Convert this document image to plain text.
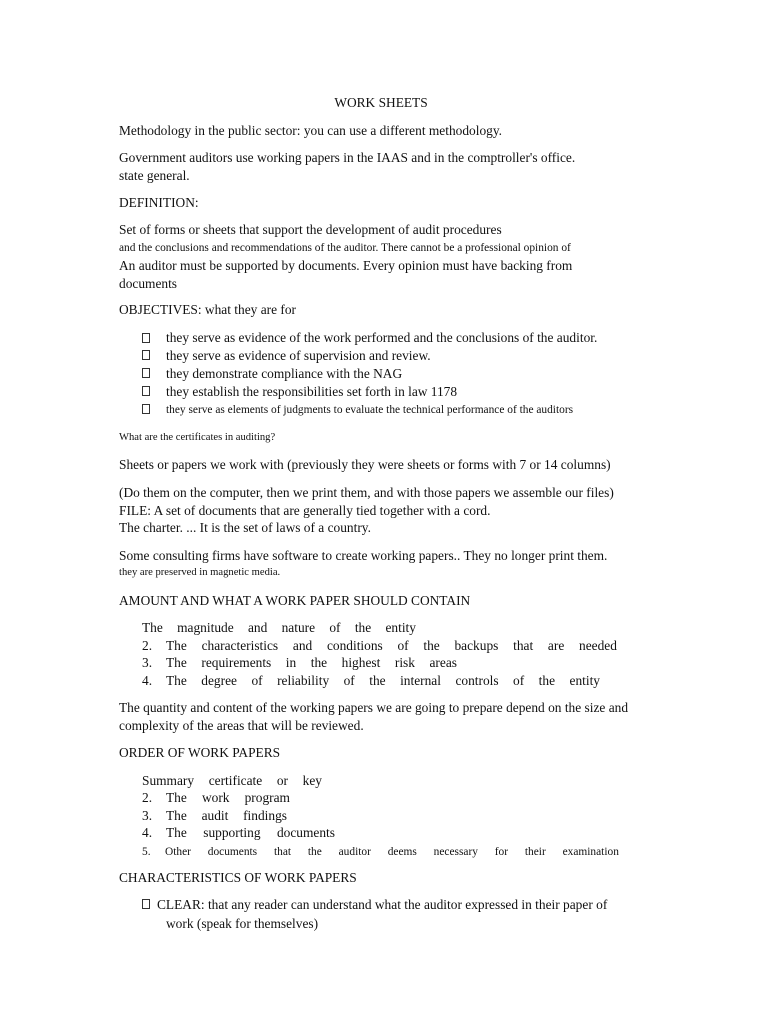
WORK SHEETS
Methodology in the public sector: you can use a different methodology.
Government auditors use working papers in the IAAS and in the comptroller's office.
state general.
DEFINITION:
Set of forms or sheets that support the development of audit procedures
and the conclusions and recommendations of the auditor. There cannot be a professional opinion of
An auditor must be supported by documents. Every opinion must have backing from
documents
OBJECTIVES: what they are for
they serve as evidence of the work performed and the conclusions of the auditor.
they serve as evidence of supervision and review.
they demonstrate compliance with the NAG
they establish the responsibilities set forth in law 1178
they serve as elements of judgments to evaluate the technical performance of the auditors
What are the certificates in auditing?
Sheets or papers we work with (previously they were sheets or forms with 7 or 14 columns)
(Do them on the computer, then we print them, and with those papers we assemble our files)
FILE: A set of documents that are generally tied together with a cord.
The charter. ... It is the set of laws of a country.
Some consulting firms have software to create working papers.. They no longer print them.
they are preserved in magnetic media.
AMOUNT AND WHAT A WORK PAPER SHOULD CONTAIN
The magnitude and nature of the entity
2. The characteristics and conditions of the backups that are needed
3. The requirements in the highest risk areas
4. The degree of reliability of the internal controls of the entity
The quantity and content of the working papers we are going to prepare depend on the size and
complexity of the areas that will be reviewed.
ORDER OF WORK PAPERS
Summary certificate or key
2. The work program
3. The audit findings
4. The supporting documents
5. Other documents that the auditor deems necessary for their examination
CHARACTERISTICS OF WORK PAPERS
CLEAR: that any reader can understand what the auditor expressed in their paper of
work (speak for themselves)
